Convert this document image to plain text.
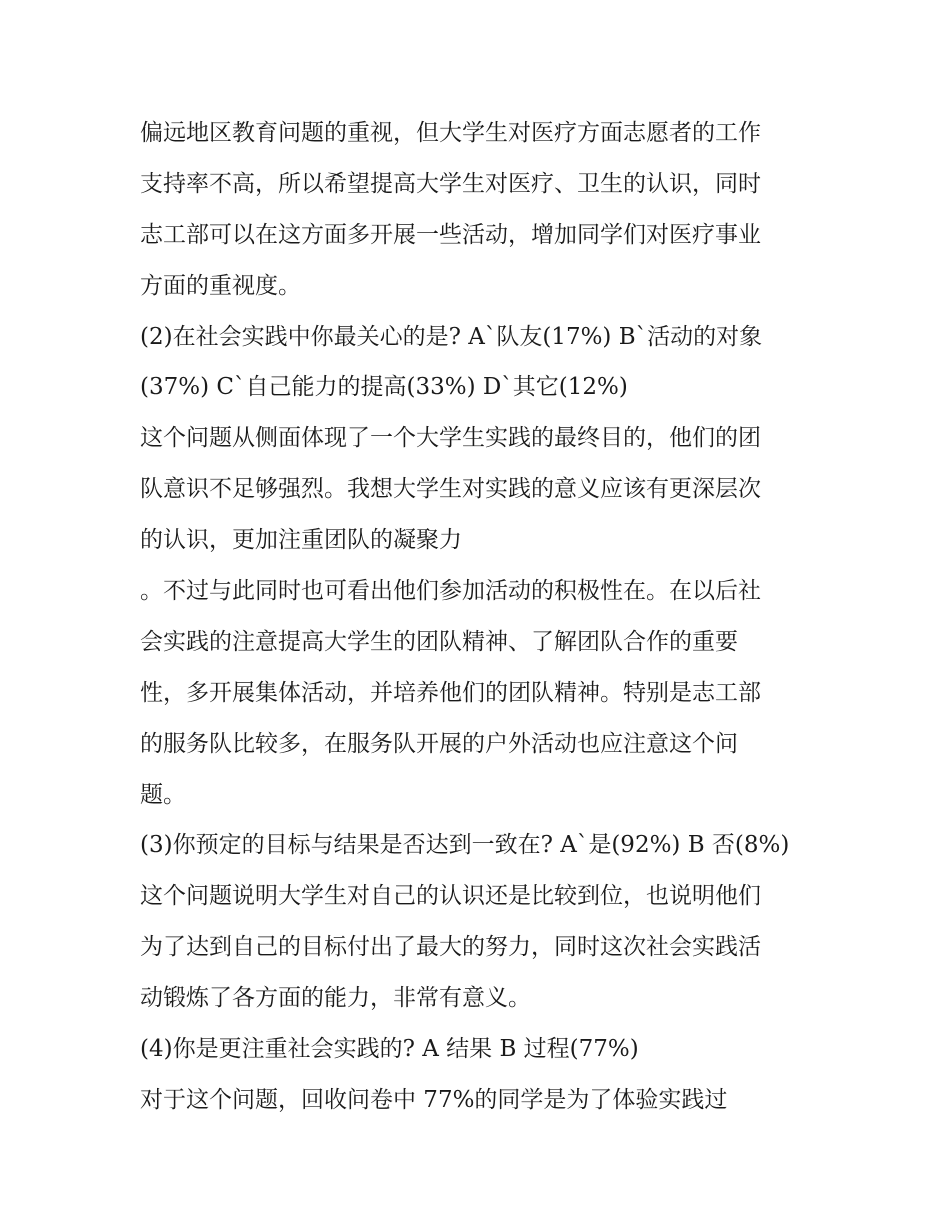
偏远地区教育问题的重视，但大学生对医疗方面志愿者的工作
支持率不高，所以希望提高大学生对医疗、卫生的认识，同时
志工部可以在这方面多开展一些活动，增加同学们对医疗事业
方面的重视度。
(2)在社会实践中你最关心的是? A`队友(17%) B`活动的对象
(37%) C`自己能力的提高(33%) D`其它(12%)
这个问题从侧面体现了一个大学生实践的最终目的，他们的团
队意识不足够强烈。我想大学生对实践的意义应该有更深层次
的认识，更加注重团队的凝聚力
。不过与此同时也可看出他们参加活动的积极性在。在以后社
会实践的注意提高大学生的团队精神、了解团队合作的重要
性，多开展集体活动，并培养他们的团队精神。特别是志工部
的服务队比较多，在服务队开展的户外活动也应注意这个问
题。
(3)你预定的目标与结果是否达到一致在? A`是(92%) B 否(8%)
这个问题说明大学生对自己的认识还是比较到位，也说明他们
为了达到自己的目标付出了最大的努力，同时这次社会实践活
动锻炼了各方面的能力，非常有意义。
(4)你是更注重社会实践的? A 结果 B 过程(77%)
对于这个问题，回收问卷中 77%的同学是为了体验实践过
